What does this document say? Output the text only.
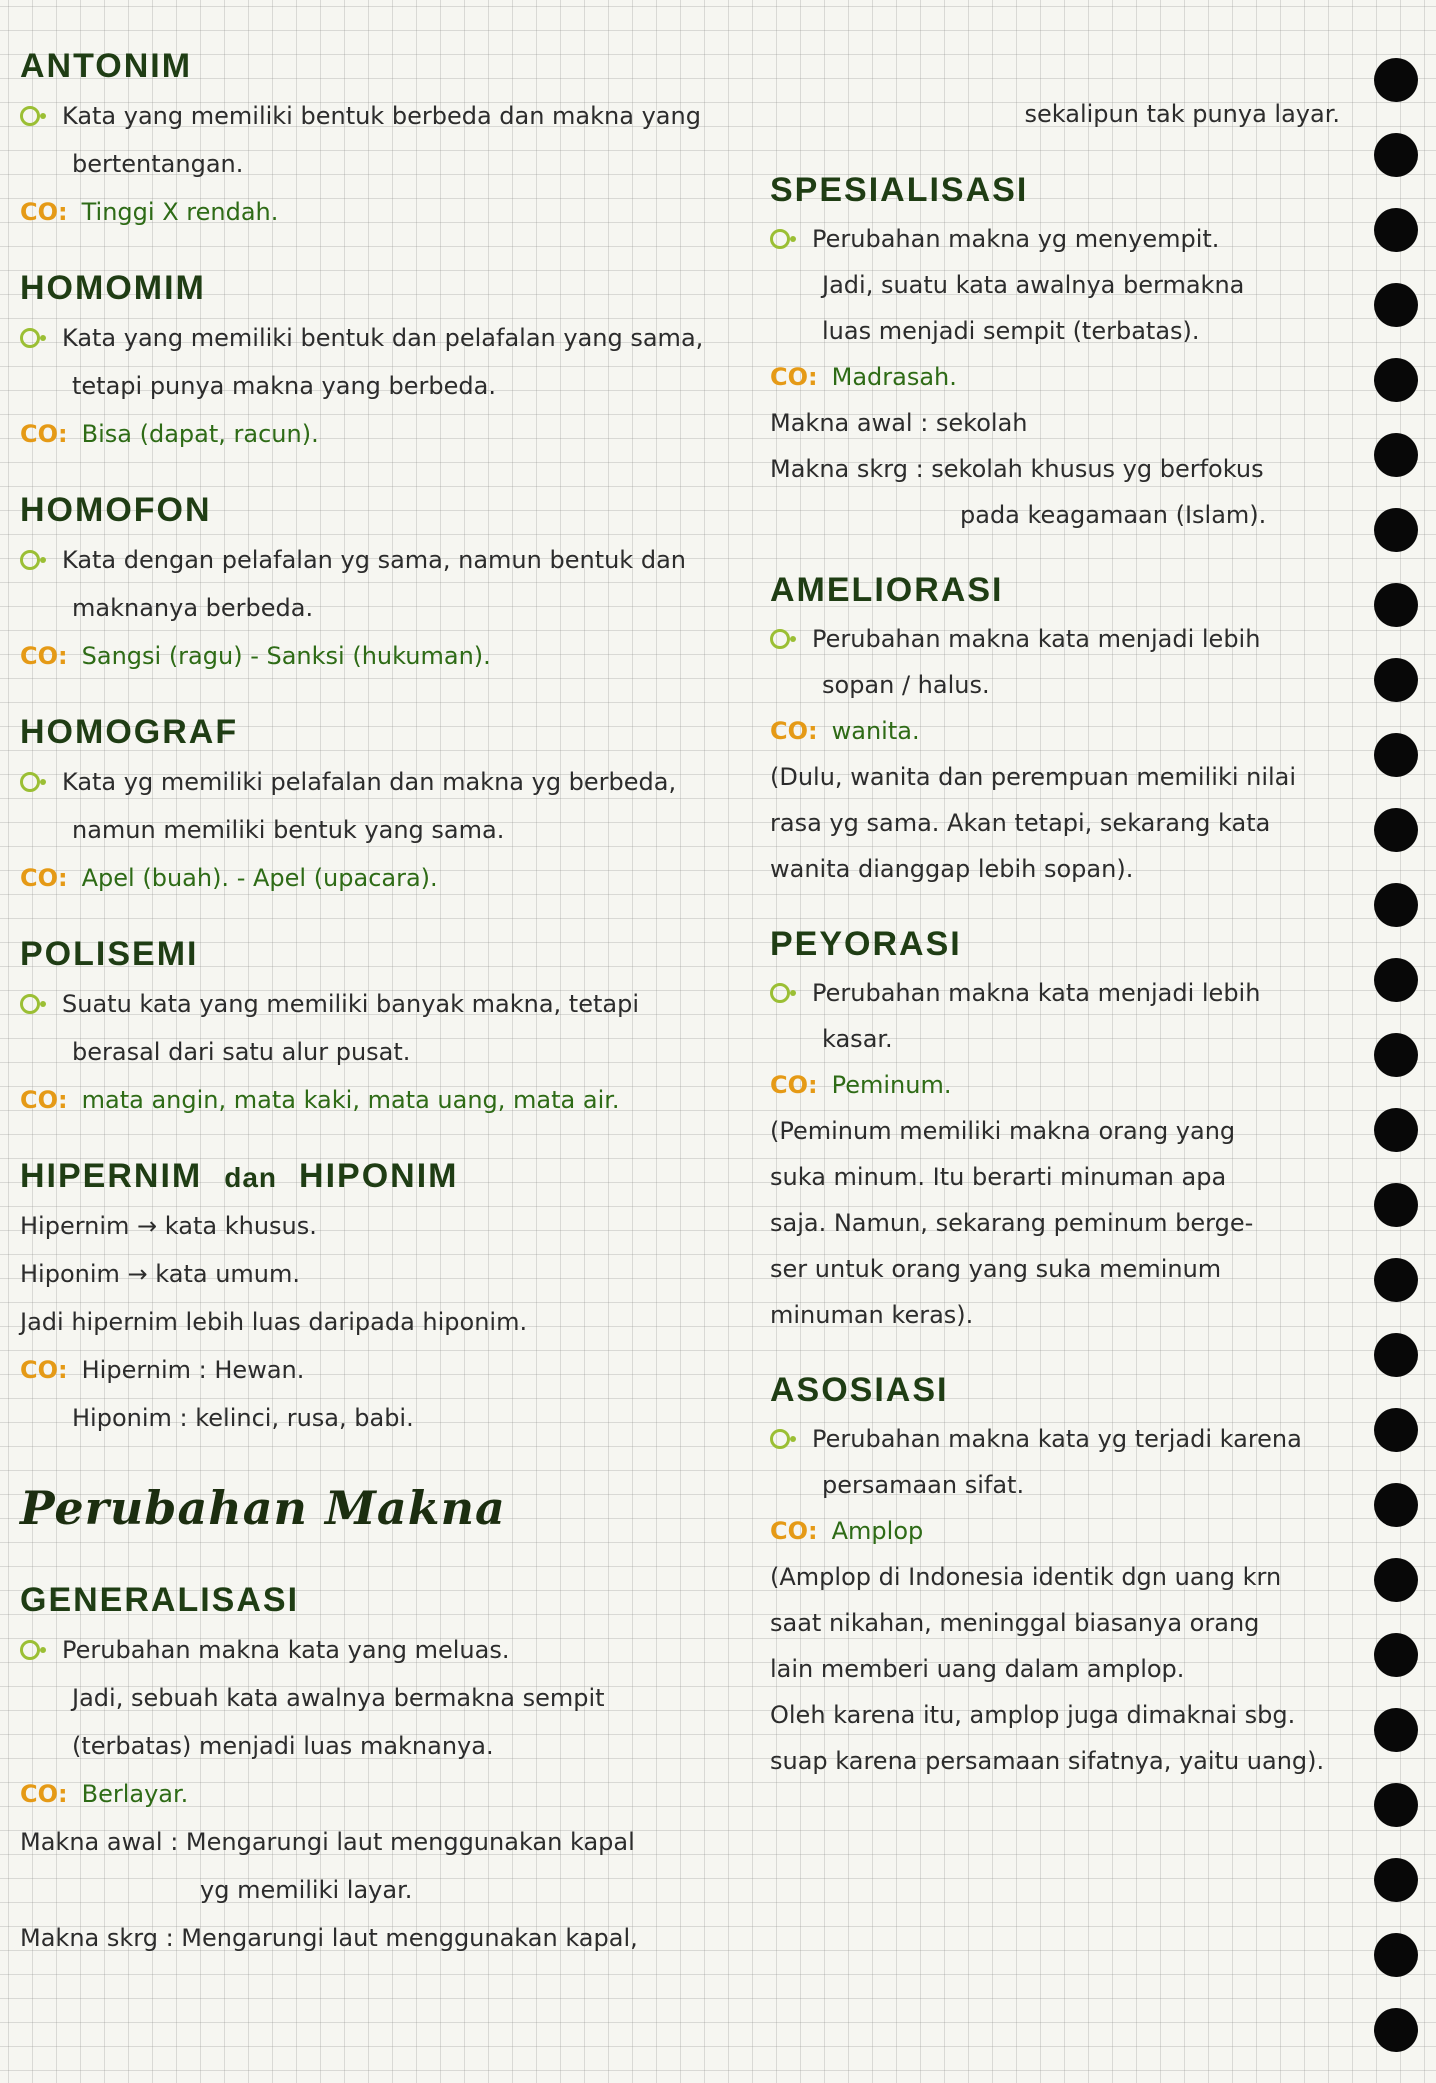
ANTONIM
Kata yang memiliki bentuk berbeda dan makna yang
bertentangan.
CO: Tinggi X rendah.
HOMOMIM
Kata yang memiliki bentuk dan pelafalan yang sama,
tetapi punya makna yang berbeda.
CO: Bisa (dapat, racun).
HOMOFON
Kata dengan pelafalan yg sama, namun bentuk dan
maknanya berbeda.
CO: Sangsi (ragu) - Sanksi (hukuman).
HOMOGRAF
Kata yg memiliki pelafalan dan makna yg berbeda,
namun memiliki bentuk yang sama.
CO: Apel (buah). - Apel (upacara).
POLISEMI
Suatu kata yang memiliki banyak makna, tetapi
berasal dari satu alur pusat.
CO: mata angin, mata kaki, mata uang, mata air.
HIPERNIM dan HIPONIM
Hipernim → kata khusus.
Hiponim → kata umum.
Jadi hipernim lebih luas daripada hiponim.
CO: Hipernim : Hewan.
Hiponim : kelinci, rusa, babi.
Perubahan Makna
GENERALISASI
Perubahan makna kata yang meluas.
Jadi, sebuah kata awalnya bermakna sempit
(terbatas) menjadi luas maknanya.
CO: Berlayar.
Makna awal : Mengarungi laut menggunakan kapal
yg memiliki layar.
Makna skrg : Mengarungi laut menggunakan kapal,
sekalipun tak punya layar.
SPESIALISASI
Perubahan makna yg menyempit.
Jadi, suatu kata awalnya bermakna
luas menjadi sempit (terbatas).
CO: Madrasah.
Makna awal : sekolah
Makna skrg : sekolah khusus yg berfokus
pada keagamaan (Islam).
AMELIORASI
Perubahan makna kata menjadi lebih
sopan / halus.
CO: wanita.
(Dulu, wanita dan perempuan memiliki nilai
rasa yg sama. Akan tetapi, sekarang kata
wanita dianggap lebih sopan).
PEYORASI
Perubahan makna kata menjadi lebih
kasar.
CO: Peminum.
(Peminum memiliki makna orang yang
suka minum. Itu berarti minuman apa
saja. Namun, sekarang peminum berge-
ser untuk orang yang suka meminum
minuman keras).
ASOSIASI
Perubahan makna kata yg terjadi karena
persamaan sifat.
CO: Amplop
(Amplop di Indonesia identik dgn uang krn
saat nikahan, meninggal biasanya orang
lain memberi uang dalam amplop.
Oleh karena itu, amplop juga dimaknai sbg.
suap karena persamaan sifatnya, yaitu uang).
